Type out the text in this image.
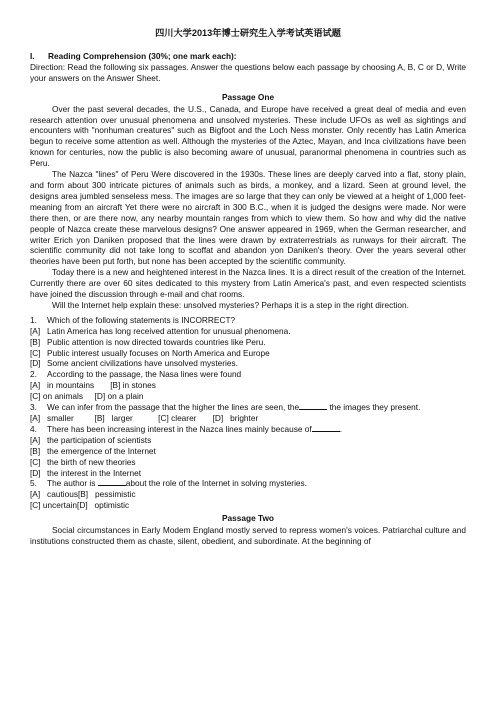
四川大学2013年博士研究生入学考试英语试题

I. Reading Comprehension (30%; one mark each):

Direction: Read the following six passages. Answer the questions below each passage by choosing A, B, C or D, Write your answers on the Answer Sheet.

Passage One

Over the past several decades, the U.S., Canada, and Europe have received a great deal of media and even research attention over unusual phenomena and unsolved mysteries. These include UFOs as well as sightings and encounters with "nonhuman creatures" such as Bigfoot and the Loch Ness monster. Only recently has Latin America begun to receive some attention as well. Although the mysteries of the Aztec, Mayan, and Inca civilizations have been known for centuries, now the public is also becoming aware of unusual, paranormal phenomena in countries such as Peru.

The Nazca "lines" of Peru Were discovered in the 1930s. These lines are deeply carved into a flat, stony plain, and form about 300 intricate pictures of animals such as birds, a monkey, and a lizard. Seen at ground level, the designs area jumbled senseless mess. The images are so large that they can only be viewed at a height of 1,000 feet- meaning from an aircraft Yet there were no aircraft in 300 B.C., when it is judged the designs were made. Nor were there then, or are there now, any nearby mountain ranges from which to view them. So how and why did the native people of Nazca create these marvelous designs? One answer appeared in 1969, when the German researcher, and writer Erich yon Daniken proposed that the lines were drawn by extraterrestrials as runways for their aircraft. The scientific community did not take long to scoffat and abandon yon Daniken's theory. Over the years several other theories have been put forth, but none has been accepted by the scientific community.

Today there is a new and heightened interest in the Nazca lines. It is a direct result of the creation of the Internet. Currently there are over 60 sites dedicated to this mystery from Latin America's past, and even respected scientists have joined the discussion through e-mail and chat rooms.

Will the Internet help explain these: unsolved mysteries? Perhaps it is a step in the right direction.

1. Which of the following statements is INCORRECT?

[A] Latin America has long received attention for unusual phenomena.

[B] Public attention is now directed towards countries like Peru.

[C] Public interest usually focuses on North America and Europe

[D] Some ancient civilizations have unsolved mysteries.

2. According to the passage, the Nasa lines were found

[A]   in mountains       [B] in stones

[C] on animals     [D] on a plain

3. We can infer from the passage that the higher the lines are seen, the	the images they present.

[A]   smaller         [B]   larger           [C] clearer       [D]   brighter

4. There has been increasing interest in the Nazca lines mainly because of	.

[A] the participation of scientists

[B] the emergence of the Internet

[C] the birth of new theories

[D] the interest in the Internet

5. The author is	about the role of the Internet in solving mysteries.

[A]   cautious[B]   pessimistic

[C] uncertain[D]   optimistic

Passage Two

Social circumstances in Early Modem England mostly served to repress women's voices. Patriarchal culture and institutions constructed them as chaste, silent, obedient, and subordinate. At the beginning of
